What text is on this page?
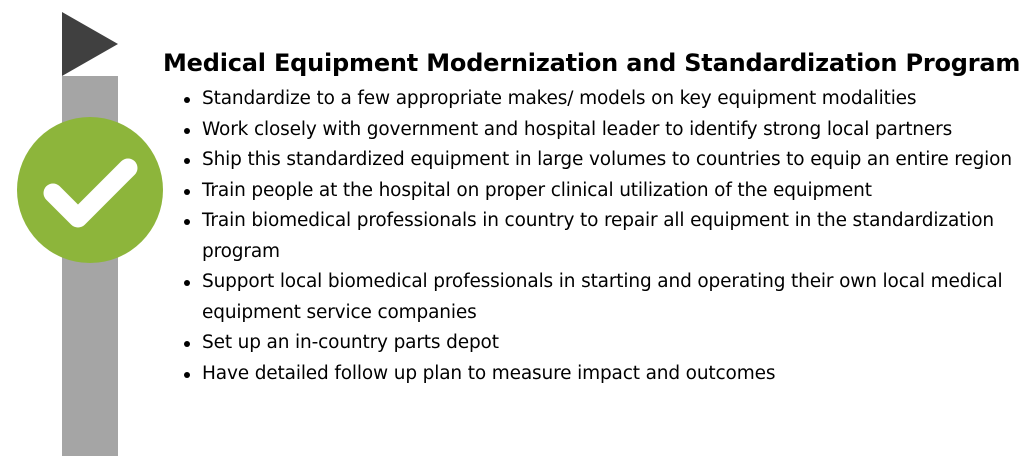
Medical Equipment Modernization and Standardization Program
Standardize to a few appropriate makes/ models on key equipment modalities
Work closely with government and hospital leader to identify strong local partners
Ship this standardized equipment in large volumes to countries to equip an entire region
Train people at the hospital on proper clinical utilization of the equipment
Train biomedical professionals in country to repair all equipment in the standardization program
Support local biomedical professionals in starting and operating their own local medical equipment service companies
Set up an in-country parts depot
Have detailed follow up plan to measure impact and outcomes
